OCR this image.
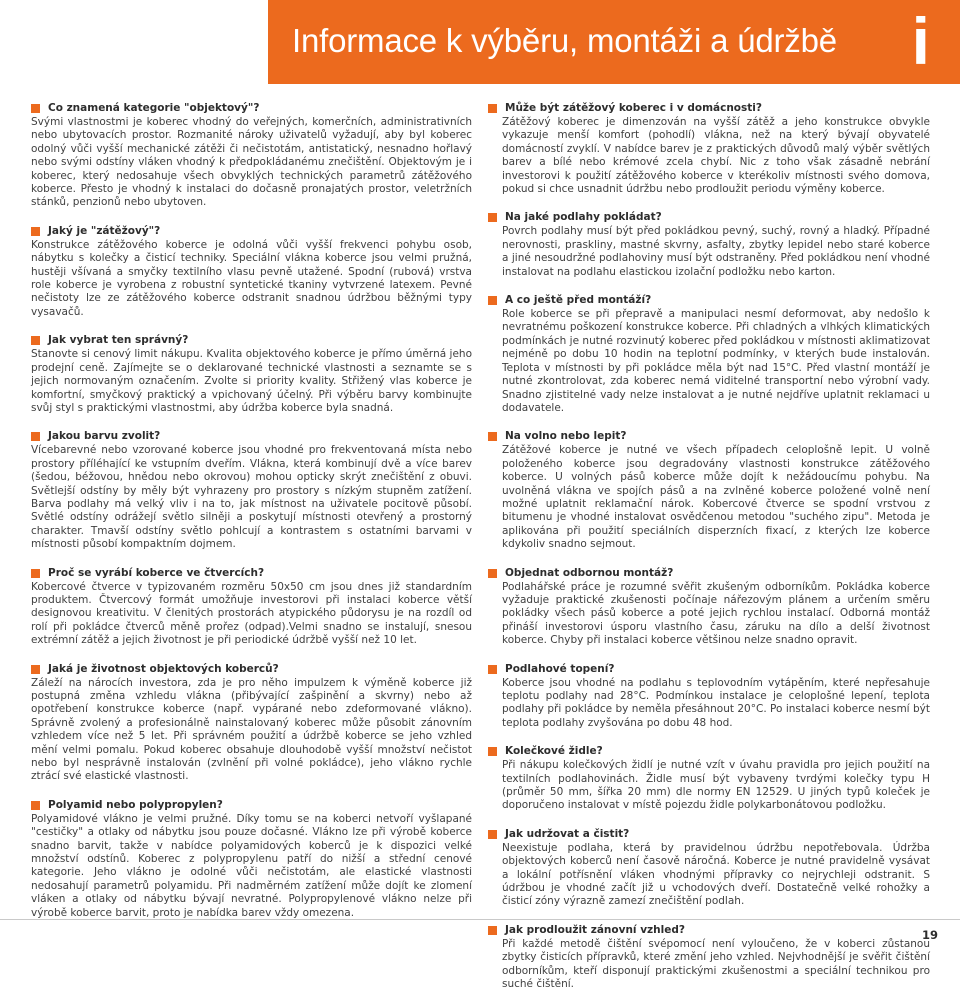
Informace k výběru, montáži a údržbě i
Co znamená kategorie "objektový"?
Svými vlastnostmi je koberec vhodný do veřejných, komerčních, administrativních nebo ubytovacích prostor. Rozmanité nároky uživatelů vyžadují, aby byl koberec odolný vůči vyšší mechanické zátěži či nečistotám, antistatický, nesnadno hořlavý nebo svými odstíny vláken vhodný k předpokládanému znečištění. Objektovým je i koberec, který nedosahuje všech obvyklých technických parametrů zátěžového koberce. Přesto je vhodný k instalaci do dočasně pronajatých prostor, veletržních stánků, penzionů nebo ubytoven.
Jaký je "zátěžový"?
Konstrukce zátěžového koberce je odolná vůči vyšší frekvenci pohybu osob, nábytku s kolečky a čisticí techniky. Speciální vlákna koberce jsou velmi pružná, hustěji všívaná a smyčky textilního vlasu pevně utažené. Spodní (rubová) vrstva role koberce je vyrobena z robustní syntetické tkaniny vytvrzené latexem. Pevné nečistoty lze ze zátěžového koberce odstranit snadnou údržbou běžnými typy vysavačů.
Jak vybrat ten správný?
Stanovte si cenový limit nákupu. Kvalita objektového koberce je přímo úměrná jeho prodejní ceně. Zajímejte se o deklarované technické vlastnosti a seznamte se s jejich normovaným označením. Zvolte si priority kvality. Střižený vlas koberce je komfortní, smyčkový praktický a vpichovaný účelný. Při výběru barvy kombinujte svůj styl s praktickými vlastnostmi, aby údržba koberce byla snadná.
Jakou barvu zvolit?
Vícebarevné nebo vzorované koberce jsou vhodné pro frekventovaná místa nebo prostory příléhající ke vstupním dveřím. Vlákna, která kombinují dvě a více barev (šedou, béžovou, hnědou nebo okrovou) mohou opticky skrýt znečištění z obuvi. Světlejší odstíny by měly být vyhrazeny pro prostory s nízkým stupněm zatížení. Barva podlahy má velký vliv i na to, jak místnost na uživatele pocitově působí. Světlé odstíny odrážejí světlo silněji a poskytují místnosti otevřený a prostorný charakter. Tmavší odstíny světlo pohlcují a kontrastem s ostatními barvami v místnosti působí kompaktním dojmem.
Proč se vyrábí koberce ve čtvercích?
Kobercové čtverce v typizovaném rozměru 50x50 cm jsou dnes již standardním produktem. Čtvercový formát umožňuje investorovi při instalaci koberce větší designovou kreativitu. V členitých prostorách atypického půdorysu je na rozdíl od rolí při pokládce čtverců měně prořez (odpad).Velmi snadno se instalují, snesou extrémní zátěž a jejich životnost je při periodické údržbě vyšší než 10 let.
Jaká je životnost objektových koberců?
Záleží na nárocích investora, zda je pro něho impulzem k výměně koberce již postupná změna vzhledu vlákna (přibývající zašpinění a skvrny) nebo až opotřebení konstrukce koberce (např. vypárané nebo zdeformované vlákno). Správně zvolený a profesionálně nainstalovaný koberec může působit zánovním vzhledem více než 5 let. Při správném použití a údržbě koberce se jeho vzhled mění velmi pomalu. Pokud koberec obsahuje dlouhodobě vyšší množství nečistot nebo byl nesprávně instalován (zvlnění při volné pokládce), jeho vlákno rychle ztrácí své elastické vlastnosti.
Polyamid nebo polypropylen?
Polyamidové vlákno je velmi pružné. Díky tomu se na koberci netvoří vyšlapané "cestičky" a otlaky od nábytku jsou pouze dočasné. Vlákno lze při výrobě koberce snadno barvit, takže v nabídce polyamidových koberců je k dispozici velké množství odstínů. Koberec z polypropylenu patří do nižší a střední cenové kategorie. Jeho vlákno je odolné vůči nečistotám, ale elastické vlastnosti nedosahují parametrů polyamidu. Při nadměrném zatížení může dojít ke zlomení vláken a otlaky od nábytku bývají nevratné. Polypropylenové vlákno nelze při výrobě koberce barvit, proto je nabídka barev vždy omezena.
Může být zátěžový koberec i v domácnosti?
Zátěžový koberec je dimenzován na vyšší zátěž a jeho konstrukce obvykle vykazuje menší komfort (pohodlí) vlákna, než na který bývají obyvatelé domácností zvyklí. V nabídce barev je z praktických důvodů malý výběr světlých barev a bílé nebo krémové zcela chybí. Nic z toho však zásadně nebrání investorovi k použití zátěžového koberce v kterékoliv místnosti svého domova, pokud si chce usnadnit údržbu nebo prodloužit periodu výměny koberce.
Na jaké podlahy pokládat?
Povrch podlahy musí být před pokládkou pevný, suchý, rovný a hladký. Případné nerovnosti, praskliny, mastné skvrny, asfalty, zbytky lepidel nebo staré koberce a jiné nesoudržné podlahoviny musí být odstraněny. Před pokládkou není vhodné instalovat na podlahu elastickou izolační podložku nebo karton.
A co ještě před montáží?
Role koberce se při přepravě a manipulaci nesmí deformovat, aby nedošlo k nevratnému poškození konstrukce koberce. Při chladných a vlhkých klimatických podmínkách je nutné rozvinutý koberec před pokládkou v místnosti aklimatizovat nejméně po dobu 10 hodin na teplotní podmínky, v kterých bude instalován. Teplota v místnosti by při pokládce měla být nad 15°C. Před vlastní montáží je nutné zkontrolovat, zda koberec nemá viditelné transportní nebo výrobní vady. Snadno zjistitelné vady nelze instalovat a je nutné nejdříve uplatnit reklamaci u dodavatele.
Na volno nebo lepit?
Zátěžové koberce je nutné ve všech případech celoplošně lepit. U volně položeného koberce jsou degradovány vlastnosti konstrukce zátěžového koberce. U volných pásů koberce může dojít k nežádoucímu pohybu. Na uvolněná vlákna ve spojích pásů a na zvlněné koberce položené volně není možné uplatnit reklamační nárok. Kobercové čtverce se spodní vrstvou z bitumenu je vhodné instalovat osvědčenou metodou "suchého zipu". Metoda je aplikována při použití speciálních disperzních fixací, z kterých lze koberce kdykoliv snadno sejmout.
Objednat odbornou montáž?
Podlahářské práce je rozumné svěřit zkušeným odborníkům. Pokládka koberce vyžaduje praktické zkušenosti počínaje nářezovým plánem a určením směru pokládky všech pásů koberce a poté jejich rychlou instalací. Odborná montáž přináší investorovi úsporu vlastního času, záruku na dílo a delší životnost koberce. Chyby při instalaci koberce většinou nelze snadno opravit.
Podlahové topení?
Koberce jsou vhodné na podlahu s teplovodním vytápěním, které nepřesahuje teplotu podlahy nad 28°C. Podmínkou instalace je celoplošné lepení, teplota podlahy při pokládce by neměla přesáhnout 20°C. Po instalaci koberce nesmí být teplota podlahy zvyšována po dobu 48 hod.
Kolečkové židle?
Při nákupu kolečkových židlí je nutné vzít v úvahu pravidla pro jejich použití na textilních podlahovinách. Židle musí být vybaveny tvrdými kolečky typu H (průměr 50 mm, šířka 20 mm) dle normy EN 12529. U jiných typů koleček je doporučeno instalovat v místě pojezdu židle polykarbonátovou podložku.
Jak udržovat a čistit?
Neexistuje podlaha, která by pravidelnou údržbu nepotřebovala. Údržba objektových koberců není časově náročná. Koberce je nutné pravidelně vysávat a lokální potřísnění vláken vhodnými přípravky co nejrychleji odstranit. S údržbou je vhodné začít již u vchodových dveří. Dostatečně velké rohožky a čisticí zóny výrazně zamezí znečištění podlah.
Jak prodloužit zánovní vzhled?
Při každé metodě čištění svépomocí není vyloučeno, že v koberci zůstanou zbytky čisticích přípravků, které změní jeho vzhled. Nejvhodnější je svěřit čištění odborníkům, kteří disponují praktickými zkušenostmi a speciální technikou pro suché čištění.
19
